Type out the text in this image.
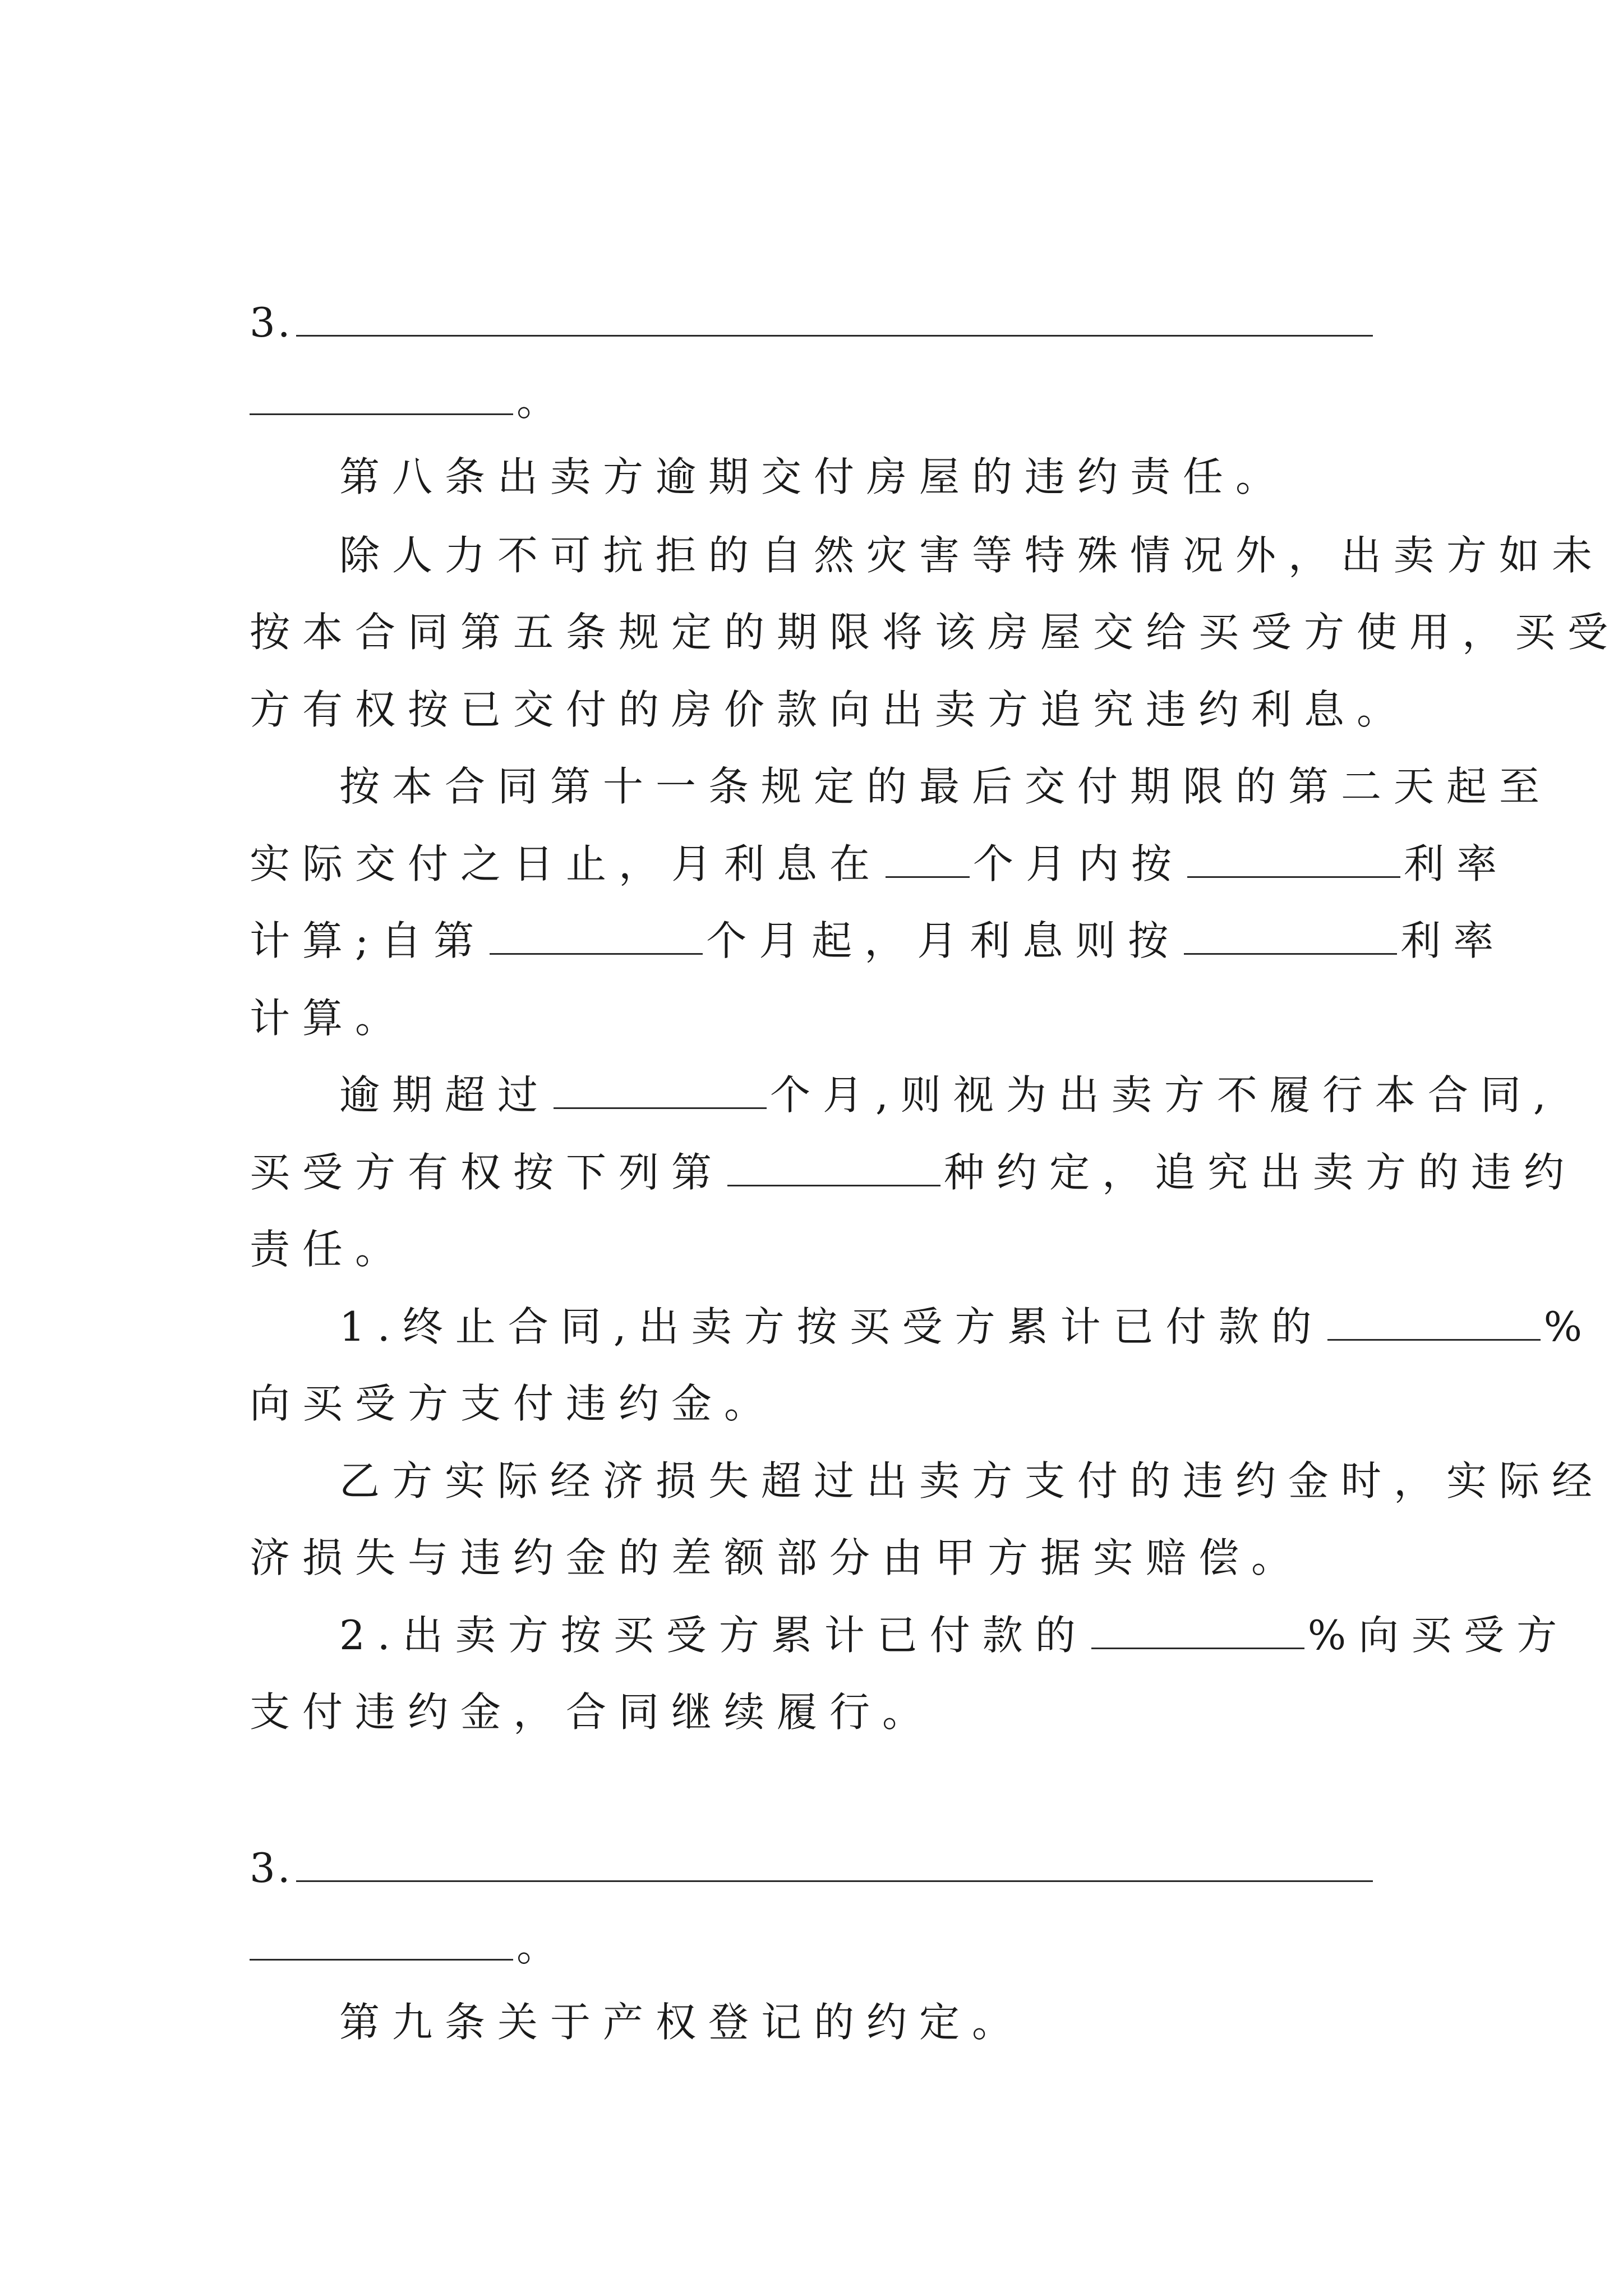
3.
。
第八条出卖方逾期交付房屋的违约责任。
除人力不可抗拒的自然灾害等特殊情况外，出卖方如未
按本合同第五条规定的期限将该房屋交给买受方使用，买受
方有权按已交付的房价款向出卖方追究违约利息。
按本合同第十一条规定的最后交付期限的第二天起至
实际交付之日止，月利息在 个月内按	利率
计算;自第	个月起，月利息则按	利率
计算。
逾期超过	个月,则视为出卖方不履行本合同,
买受方有权按下列第	种约定，追究出卖方的违约
责任。
1.终止合同,出卖方按买受方累计已付款的	%
向买受方支付违约金。
乙方实际经济损失超过出卖方支付的违约金时，实际经
济损失与违约金的差额部分由甲方据实赔偿。
2.出卖方按买受方累计已付款的	%向买受方
支付违约金，合同继续履行。
3.
。
第九条关于产权登记的约定。
